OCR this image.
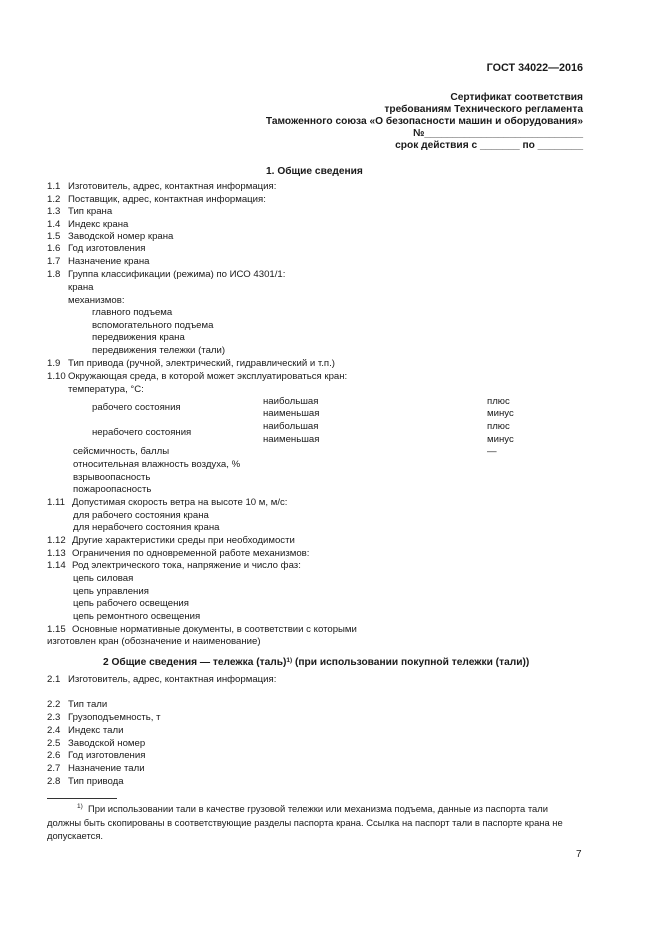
ГОСТ 34022—2016
Сертификат соответствия
требованиям Технического регламента
Таможенного союза «О безопасности машин и оборудования»
№____________________________
срок действия с _______ по ________
1. Общие сведения
1.1 Изготовитель, адрес, контактная информация:
1.2 Поставщик, адрес, контактная информация:
1.3 Тип крана
1.4 Индекс крана
1.5 Заводской номер крана
1.6 Год изготовления
1.7 Назначение крана
1.8 Группа классификации (режима) по ИСО 4301/1:
крана
механизмов:
главного подъема
вспомогательного подъема
передвижения крана
передвижения тележки (тали)
1.9 Тип привода (ручной, электрический, гидравлический и т.п.)
1.10 Окружающая среда, в которой может эксплуатироваться кран:
температура, °С:
рабочего состояния
наибольшая
наименьшая
плюс
минус
нерабочего состояния
наибольшая
наименьшая
плюс
минус
сейсмичность, баллы	—
относительная влажность воздуха, %
взрывоопасность
пожароопасность
1.11 Допустимая скорость ветра на высоте 10 м, м/с:
для рабочего состояния крана
для нерабочего состояния крана
1.12 Другие характеристики среды при необходимости
1.13 Ограничения по одновременной работе механизмов:
1.14 Род электрического тока, напряжение и число фаз:
цепь силовая
цепь управления
цепь рабочего освещения
цепь ремонтного освещения
1.15 Основные нормативные документы, в соответствии с которыми
изготовлен кран (обозначение и наименование)
2 Общие сведения — тележка (таль)$^{1)}$ (при использовании покупной тележки (тали))
2.1 Изготовитель, адрес, контактная информация:
2.2 Тип тали
2.3 Грузоподъемность, т
2.4 Индекс тали
2.5 Заводской номер
2.6 Год изготовления
2.7 Назначение тали
2.8 Тип привода
$^{1)}$ При использовании тали в качестве грузовой тележки или механизма подъема, данные из паспорта тали должны быть скопированы в соответствующие разделы паспорта крана. Ссылка на паспорт тали в паспорте крана не допускается.
7
